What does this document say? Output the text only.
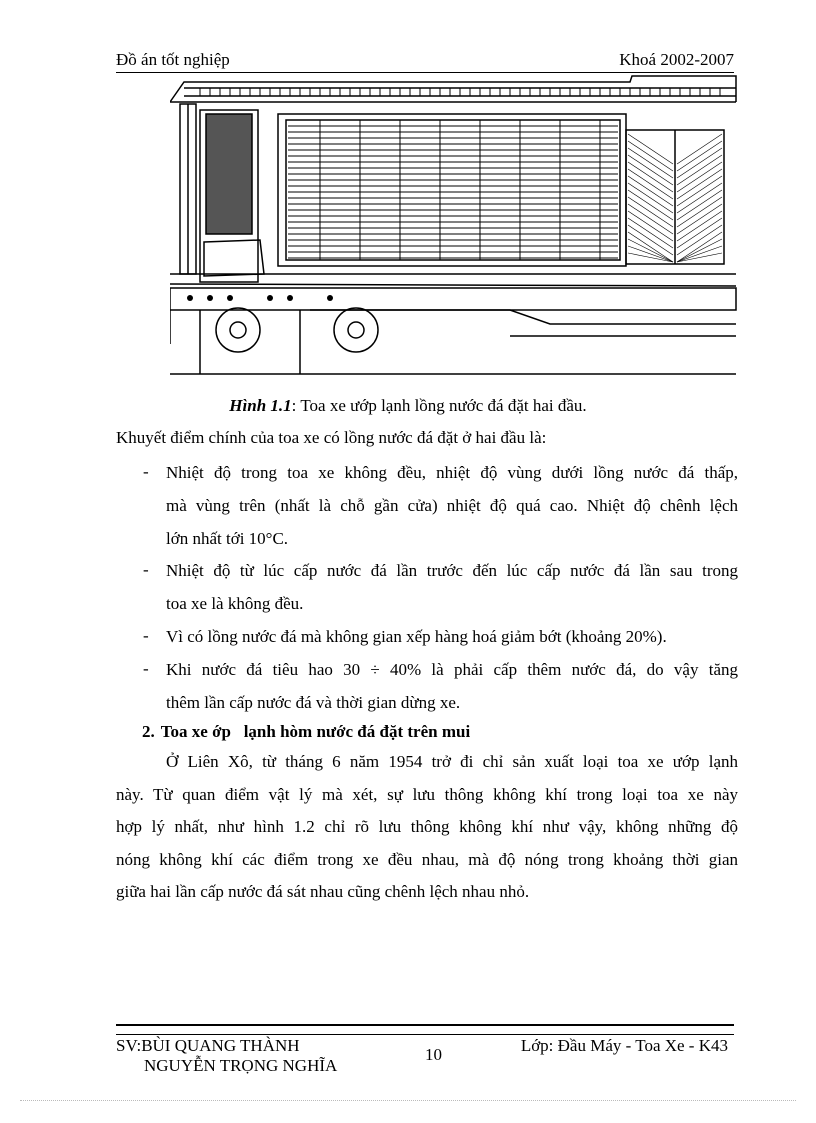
Đồ án tốt nghiệp	Khoá 2002-2007
Hình 1.1: Toa xe ướp lạnh lồng nước đá đặt hai đầu.
Khuyết điểm chính của toa xe có lồng nước đá đặt ở hai đầu là:
- Nhiệt độ trong toa xe không đều, nhiệt độ vùng dưới lồng nước đá thấp,
mà vùng trên (nhất là chỗ gần cửa) nhiệt độ quá cao. Nhiệt độ chênh lệch
lớn nhất tới 10°C.
- Nhiệt độ từ lúc cấp nước đá lần trước đến lúc cấp nước đá lần sau trong
toa xe là không đều.
- Vì có lồng nước đá mà không gian xếp hàng hoá giảm bớt (khoảng 20%).
- Khi nước đá tiêu hao 30 ÷ 40% là phải cấp thêm nước đá, do vậy tăng
thêm lần cấp nước đá và thời gian dừng xe.
2. Toa xe ớp   lạnh hòm nước đá đặt trên mui
Ở Liên Xô, từ tháng 6 năm 1954 trở đi chỉ sản xuất loại toa xe ướp lạnh
này. Từ quan điểm vật lý mà xét, sự lưu thông không khí trong loại toa xe này
hợp lý nhất, như hình 1.2 chỉ rõ lưu thông không khí như vậy, không những độ
nóng không khí các điểm trong xe đều nhau, mà độ nóng trong khoảng thời gian
giữa hai lần cấp nước đá sát nhau cũng chênh lệch nhau nhỏ.
SV:BÙI QUANG THÀNH
NGUYỄN TRỌNG NGHĨA
10	Lớp: Đầu Máy - Toa Xe - K43
